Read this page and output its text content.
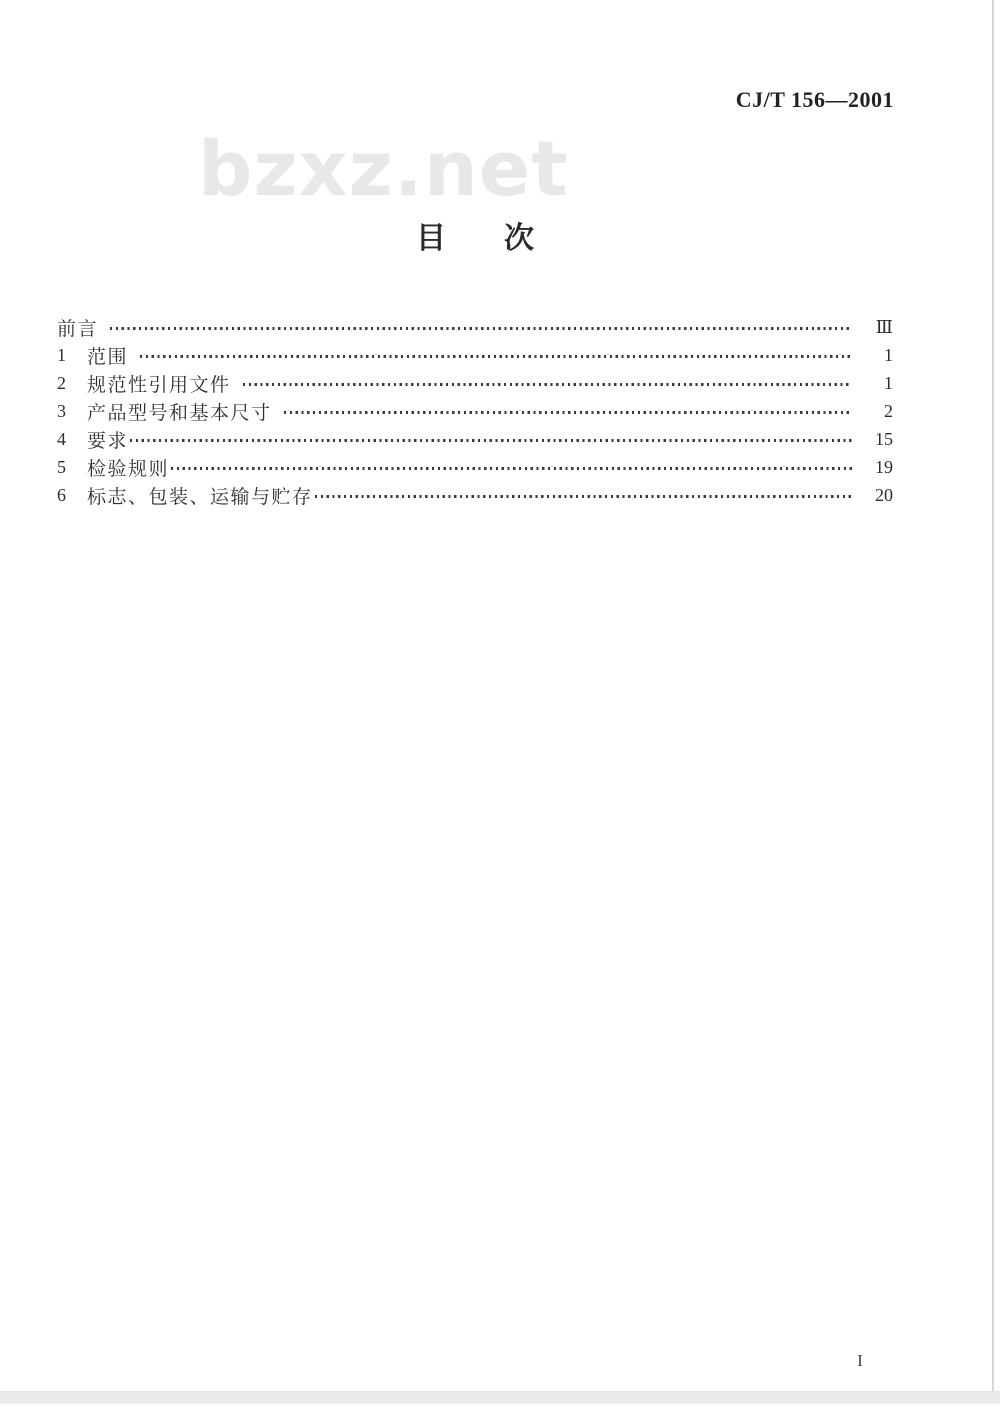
CJ/T 156—2001
bzxz.net
目 次
前言	Ⅲ
1	范围	1
2	规范性引用文件	1
3	产品型号和基本尺寸	2
4	要求	15
5	检验规则	19
6	标志、包装、运输与贮存	20
I
